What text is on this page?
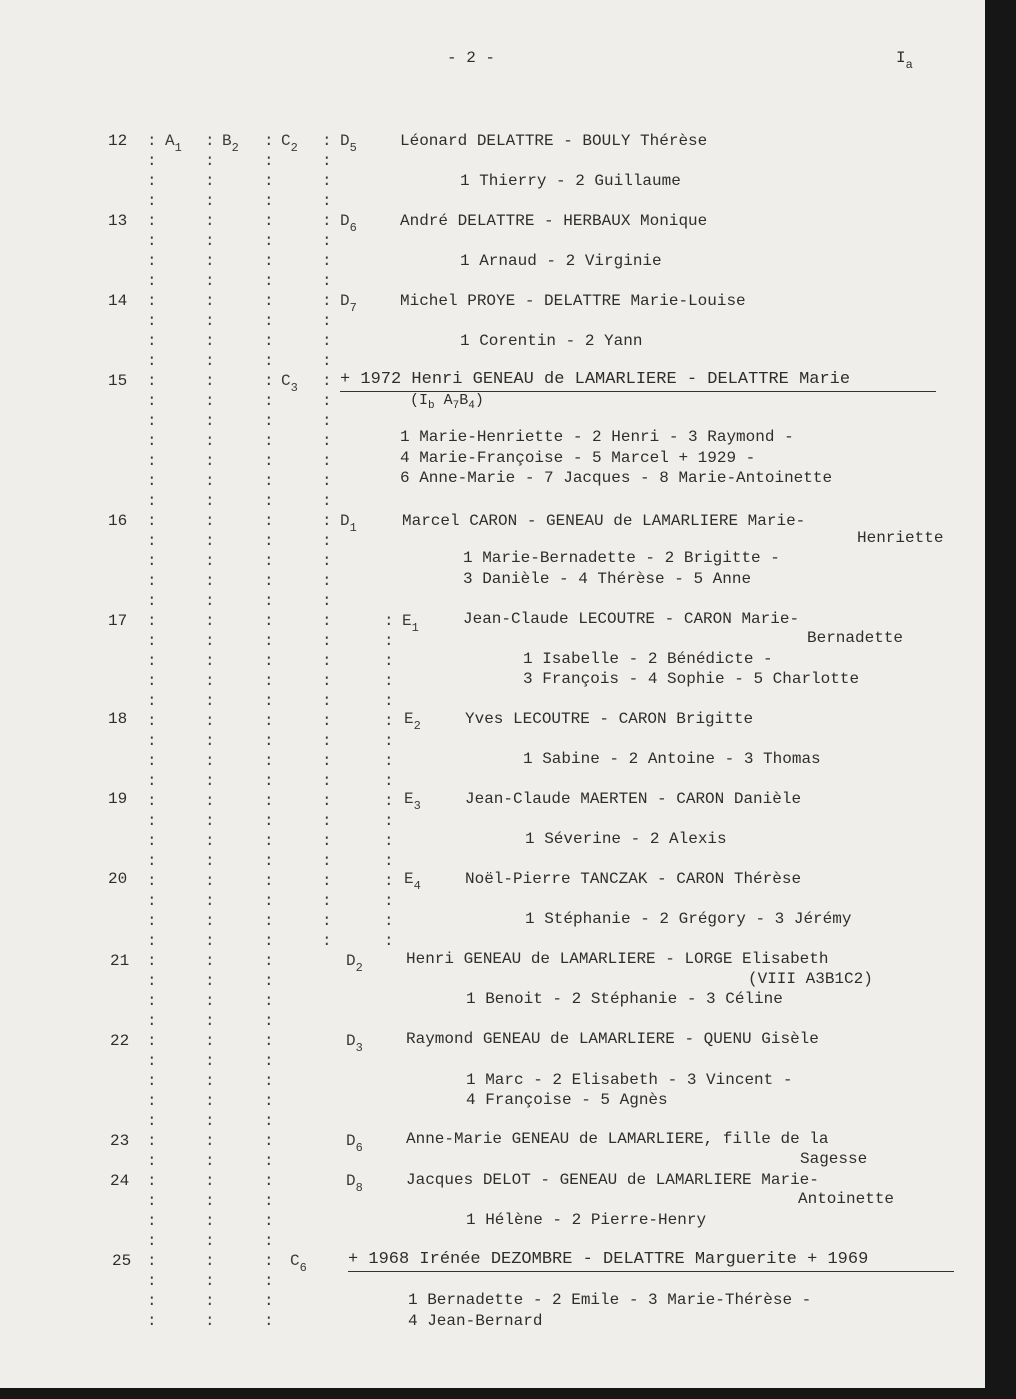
- 2 -	$I_a$
:
:
:
:
:
:
:
:
:
:
:
:
:
:
:
:
:
:
:
:
:
:
:
:
:
:
:
:
:
:
:
:
:
:
:
:
:
:
:
:
:
:
:
:
:
:
:
:
:
:
:
:
:
:
:
:
:
:
:
:
:
:
:
:
:
:
:
:
:
:
:
:
:
:
:
:
:
:
:
:
:
:
:
:
:
:
:
:
:
:
:
:
:
:
:
:
:
:
:
:
:
:
:
:
:
:
:
:
:
:
:
:
:
:
:
:
:
:
:
:
:
:
:
:
:
:
:
:
:
:
:
:
:
:
:
:
:
:
:
:
:
:
:
:
:
:
:
:
:
:
:
:
:
:
:
:
:
:
:
:
:
:
:
:
:
:
:
:
:
:
:
:
:
:
:
:
:
:
:
:
:
:
:
:
:
:
:
:
:
:
:
:
:
:
:
:
:
:
:
:
:
:
:
:
:
:
:
:
:
:
:
:
:
:
:
:
:
:
:
:
:
:
:
:
:
:
:
:
:
:
:
:
:
:
:
:
:
:
12 $A_1$	$B_2$	$C_2$	$D_5$	Léonard DELATTRE - BOULY Thérèse
1 Thierry - 2 Guillaume
13	$D_6$	André DELATTRE - HERBAUX Monique
1 Arnaud - 2 Virginie
14	$D_7$	Michel PROYE - DELATTRE Marie-Louise
1 Corentin - 2 Yann
15	$C_3 + 1972$ Henri GENEAU de LAMARLIERE - DELATTRE Marie
($I_b$ $A_7B_4$)
1 Marie-Henriette - 2 Henri - 3 Raymond -
4 Marie-Françoise - 5 Marcel + 1929 -
6 Anne-Marie - 7 Jacques - 8 Marie-Antoinette
16	$D_1$	Marcel CARON - GENEAU de LAMARLIERE Marie-
Henriette
1 Marie-Bernadette - 2 Brigitte -
3 Danièle - 4 Thérèse - 5 Anne
17	$E_1$	Jean-Claude LECOUTRE - CARON Marie-
Bernadette
1 Isabelle - 2 Bénédicte -
3 François - 4 Sophie - 5 Charlotte
18	$E_2$	Yves LECOUTRE - CARON Brigitte
1 Sabine - 2 Antoine - 3 Thomas
19	$E_3$	Jean-Claude MAERTEN - CARON Danièle
1 Séverine - 2 Alexis
20	$E_4$	Noël-Pierre TANCZAK - CARON Thérèse
1 Stéphanie - 2 Grégory - 3 Jérémy
21	$D_2$	Henri GENEAU de LAMARLIERE - LORGE Elisabeth
(VIII A3B1C2)
1 Benoit - 2 Stéphanie - 3 Céline
22	$D_3$	Raymond GENEAU de LAMARLIERE - QUENU Gisèle
1 Marc - 2 Elisabeth - 3 Vincent -
4 Françoise - 5 Agnès
23	$D_6$	Anne-Marie GENEAU de LAMARLIERE, fille de la
Sagesse
24	$D_8$	Jacques DELOT - GENEAU de LAMARLIERE Marie-
Antoinette
1 Hélène - 2 Pierre-Henry
25	$C_6 + 1968$ Irénée DEZOMBRE - DELATTRE Marguerite + 1969
1 Bernadette - 2 Emile - 3 Marie-Thérèse -
4 Jean-Bernard
